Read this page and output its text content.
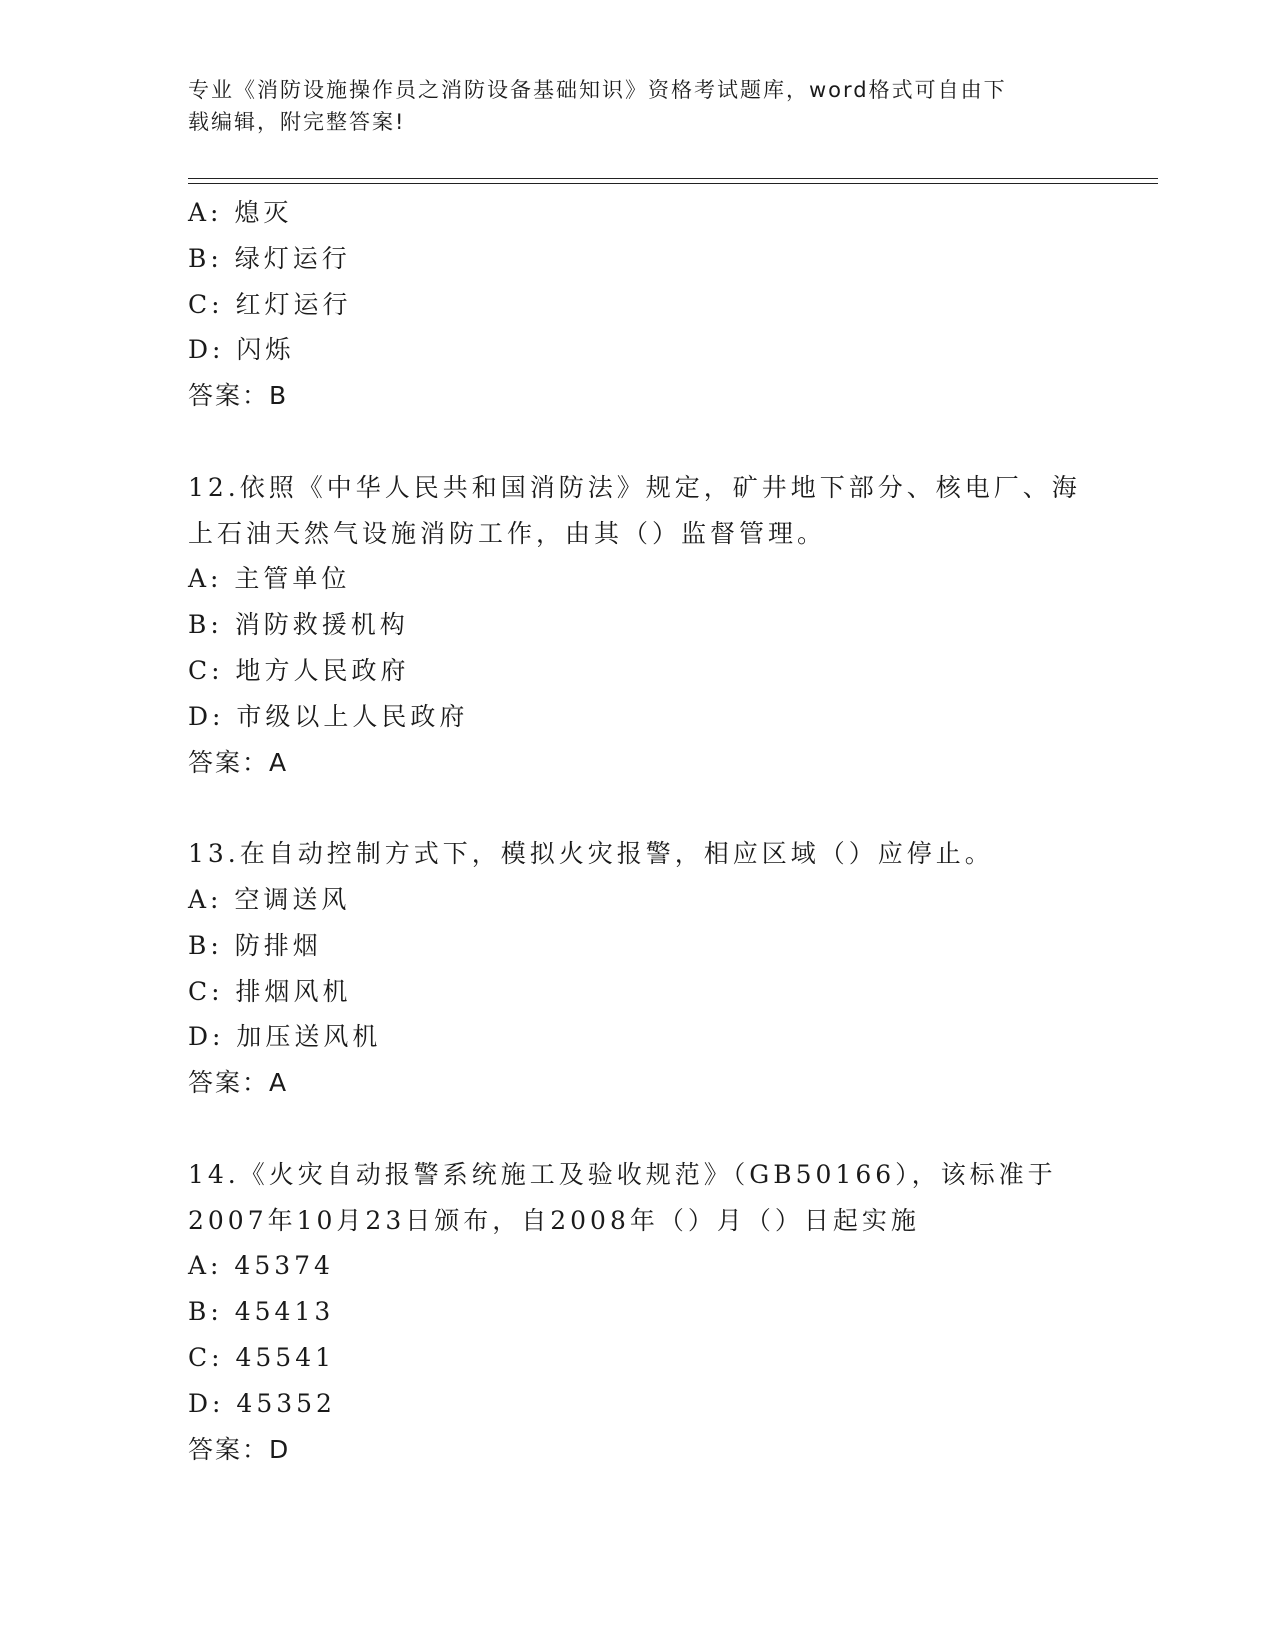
专业《消防设施操作员之消防设备基础知识》资格考试题库，word格式可自由下
载编辑，附完整答案!
A: 熄灭
B: 绿灯运行
C: 红灯运行
D: 闪烁
答案：B
12.依照《中华人民共和国消防法》规定，矿井地下部分、核电厂、海
上石油天然气设施消防工作，由其（）监督管理。
A: 主管单位
B: 消防救援机构
C: 地方人民政府
D: 市级以上人民政府
答案：A
13.在自动控制方式下，模拟火灾报警，相应区域（）应停止。
A: 空调送风
B: 防排烟
C: 排烟风机
D: 加压送风机
答案：A
14.《火灾自动报警系统施工及验收规范》（GB50166），该标准于
2007年10月23日颁布，自2008年（）月（）日起实施
A: 45374
B: 45413
C: 45541
D: 45352
答案：D
